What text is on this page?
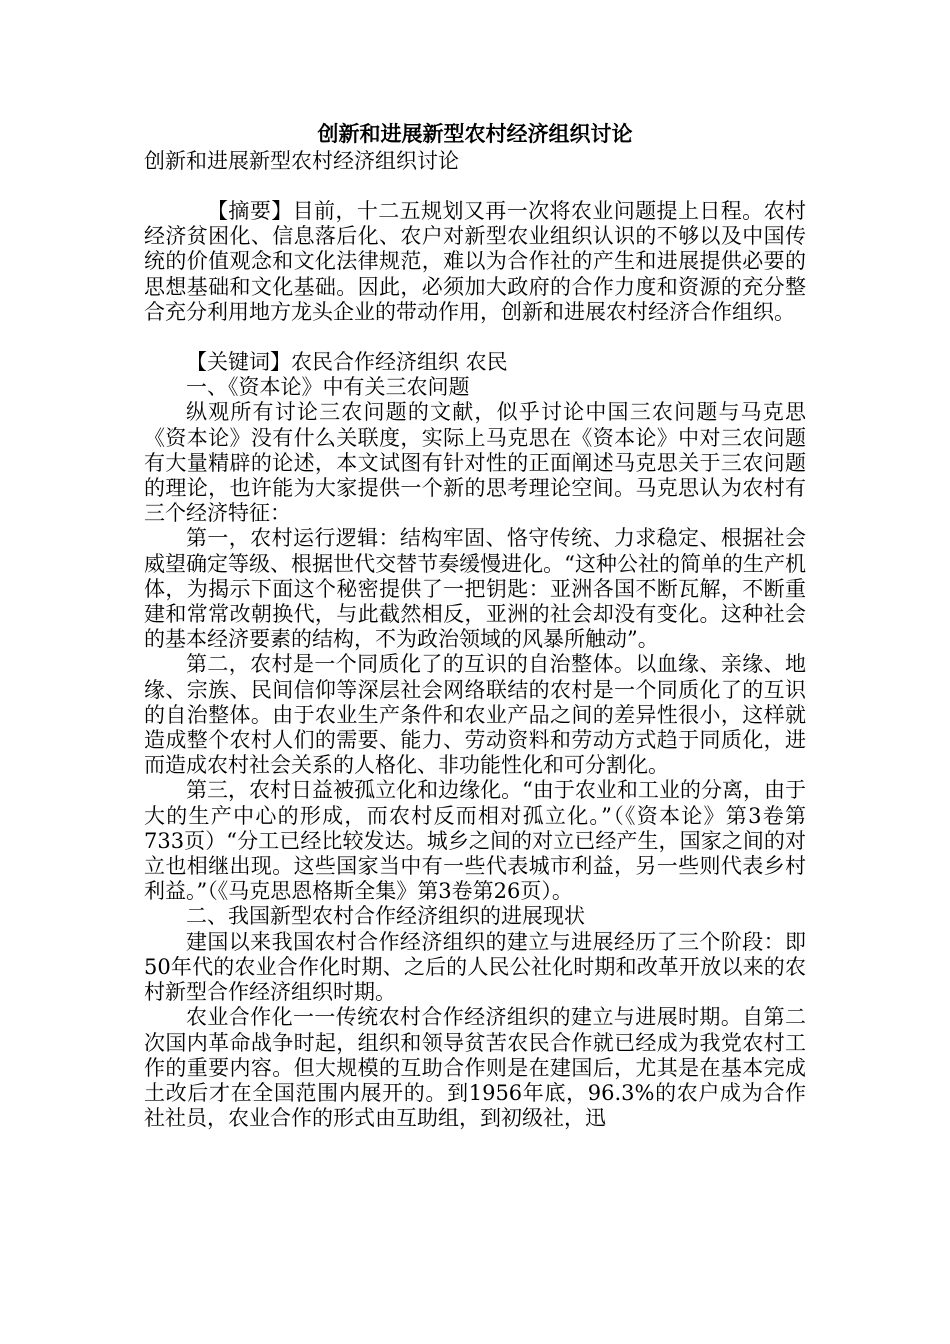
创新和进展新型农村经济组织讨论
创新和进展新型农村经济组织讨论

【摘要】目前，十二五规划又再一次将农业问题提上日程。农村经济贫困化、信息落后化、农户对新型农业组织认识的不够以及中国传统的价值观念和文化法律规范，难以为合作社的产生和进展提供必要的思想基础和文化基础。因此，必须加大政府的合作力度和资源的充分整合充分利用地方龙头企业的带动作用，创新和进展农村经济合作组织。

【关键词】农民合作经济组织 农民

一、《资本论》中有关三农问题

纵观所有讨论三农问题的文献，似乎讨论中国三农问题与马克思《资本论》没有什么关联度，实际上马克思在《资本论》中对三农问题有大量精辟的论述，本文试图有针对性的正面阐述马克思关于三农问题的理论，也许能为大家提供一个新的思考理论空间。马克思认为农村有三个经济特征：

第一，农村运行逻辑：结构牢固、恪守传统、力求稳定、根据社会威望确定等级、根据世代交替节奏缓慢进化。“这种公社的简单的生产机体，为揭示下面这个秘密提供了一把钥匙：亚洲各国不断瓦解，不断重建和常常改朝换代，与此截然相反，亚洲的社会却没有变化。这种社会的基本经济要素的结构，不为政治领域的风暴所触动”。

第二，农村是一个同质化了的互识的自治整体。以血缘、亲缘、地缘、宗族、民间信仰等深层社会网络联结的农村是一个同质化了的互识的自治整体。由于农业生产条件和农业产品之间的差异性很小，这样就造成整个农村人们的需要、能力、劳动资料和劳动方式趋于同质化，进而造成农村社会关系的人格化、非功能性化和可分割化。

第三，农村日益被孤立化和边缘化。“由于农业和工业的分离，由于大的生产中心的形成，而农村反而相对孤立化。”（《资本论》第3卷第733页）“分工已经比较发达。城乡之间的对立已经产生，国家之间的对立也相继出现。这些国家当中有一些代表城市利益，另一些则代表乡村利益。”（《马克思恩格斯全集》第3卷第26页）。

二、我国新型农村合作经济组织的进展现状

建国以来我国农村合作经济组织的建立与进展经历了三个阶段：即50年代的农业合作化时期、之后的人民公社化时期和改革开放以来的农村新型合作经济组织时期。

农业合作化一一传统农村合作经济组织的建立与进展时期。自第二次国内革命战争时起，组织和领导贫苦农民合作就已经成为我党农村工作的重要内容。但大规模的互助合作则是在建国后，尤其是在基本完成土改后才在全国范围内展开的。到1956年底，96.3%的农户成为合作社社员，农业合作的形式由互助组，到初级社，迅
